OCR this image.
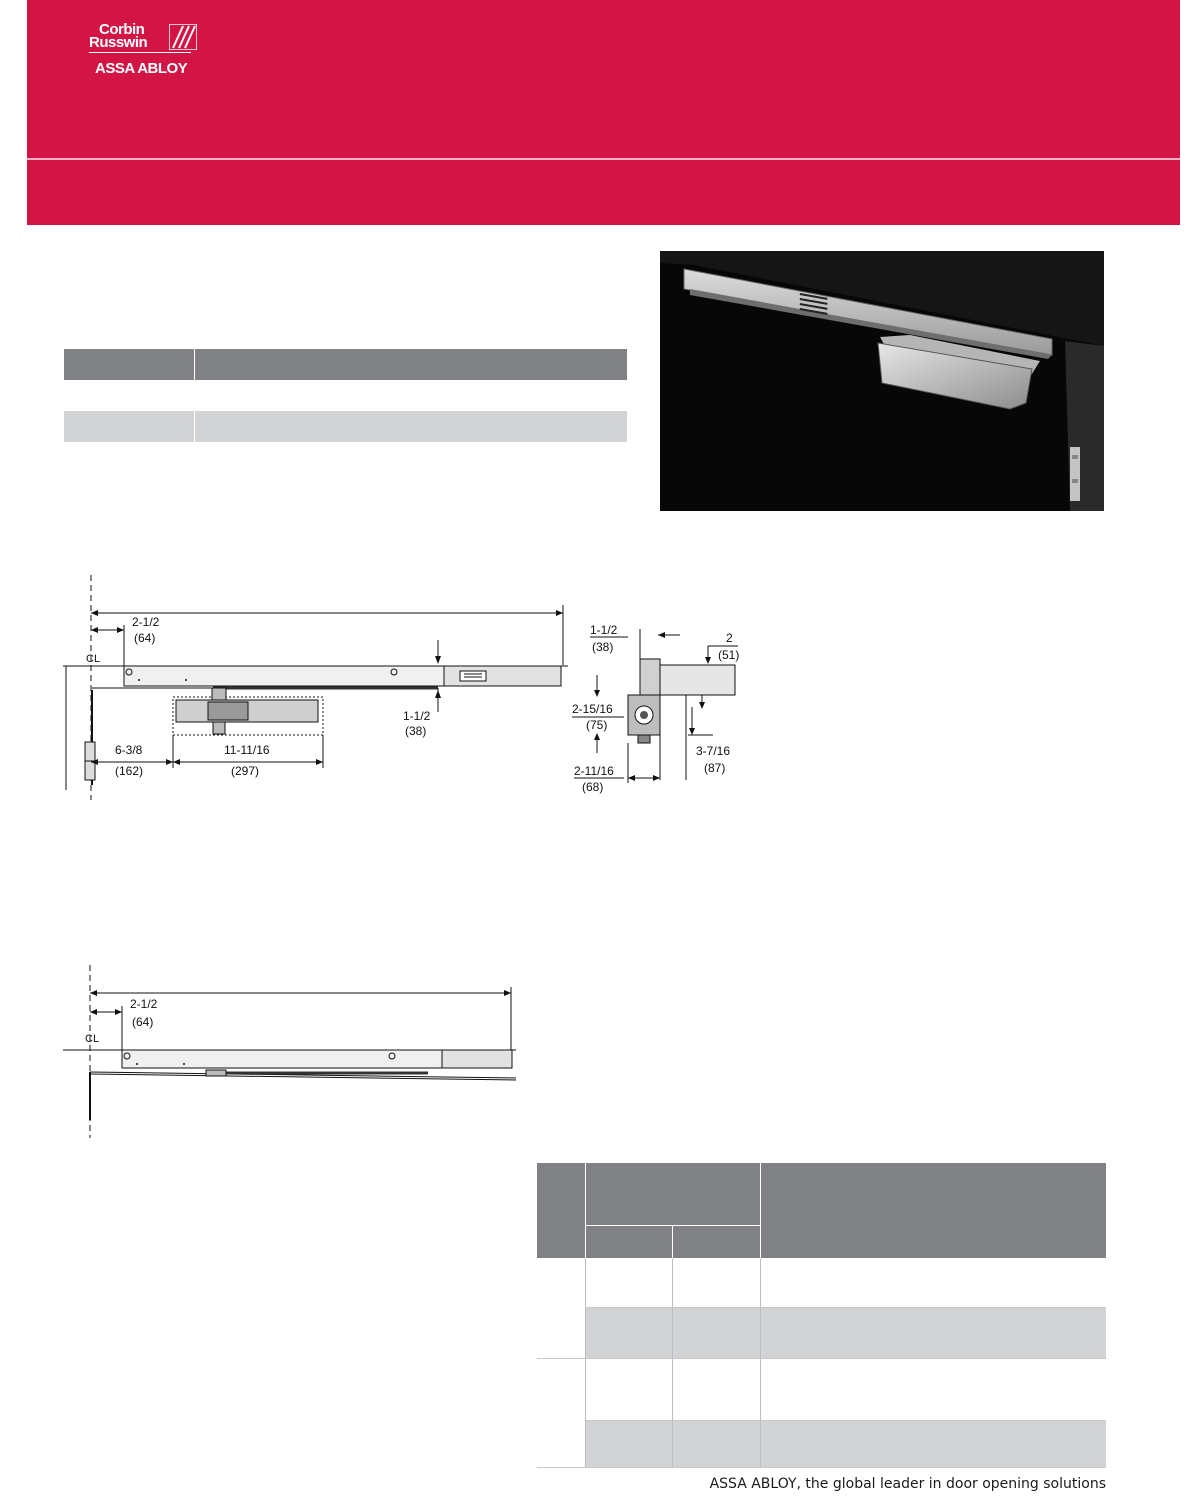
Corbin
Russwin
ASSA ABLOY

2-1/2
(64)
CL
1-1/2
(38)
6-3/8
(162)
11-11/16
(297)
1-1/2
(38)
2
(51)
2-15/16
(75)
3-7/16
(87)
2-11/16
(68)
2-1/2
(64)
CL

ASSA ABLOY, the global leader in door opening solutions
